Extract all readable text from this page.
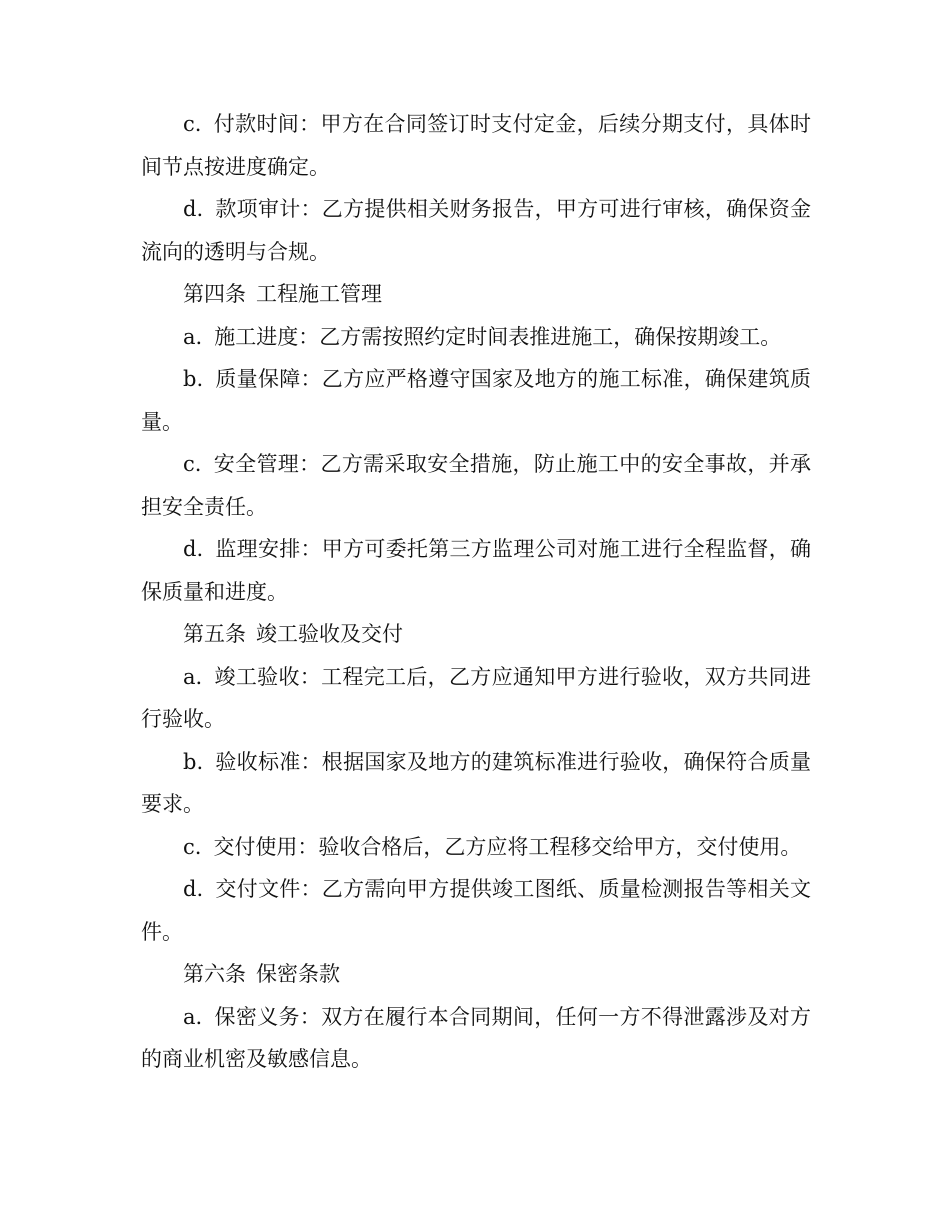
c. 付款时间：甲方在合同签订时支付定金，后续分期支付，具体时间节点按进度确定。

d. 款项审计：乙方提供相关财务报告，甲方可进行审核，确保资金流向的透明与合规。

第四条 工程施工管理

a. 施工进度：乙方需按照约定时间表推进施工，确保按期竣工。

b. 质量保障：乙方应严格遵守国家及地方的施工标准，确保建筑质量。

c. 安全管理：乙方需采取安全措施，防止施工中的安全事故，并承担安全责任。

d. 监理安排：甲方可委托第三方监理公司对施工进行全程监督，确保质量和进度。

第五条 竣工验收及交付

a. 竣工验收：工程完工后，乙方应通知甲方进行验收，双方共同进行验收。

b. 验收标准：根据国家及地方的建筑标准进行验收，确保符合质量要求。

c. 交付使用：验收合格后，乙方应将工程移交给甲方，交付使用。

d. 交付文件：乙方需向甲方提供竣工图纸、质量检测报告等相关文件。

第六条 保密条款

a. 保密义务：双方在履行本合同期间，任何一方不得泄露涉及对方的商业机密及敏感信息。
